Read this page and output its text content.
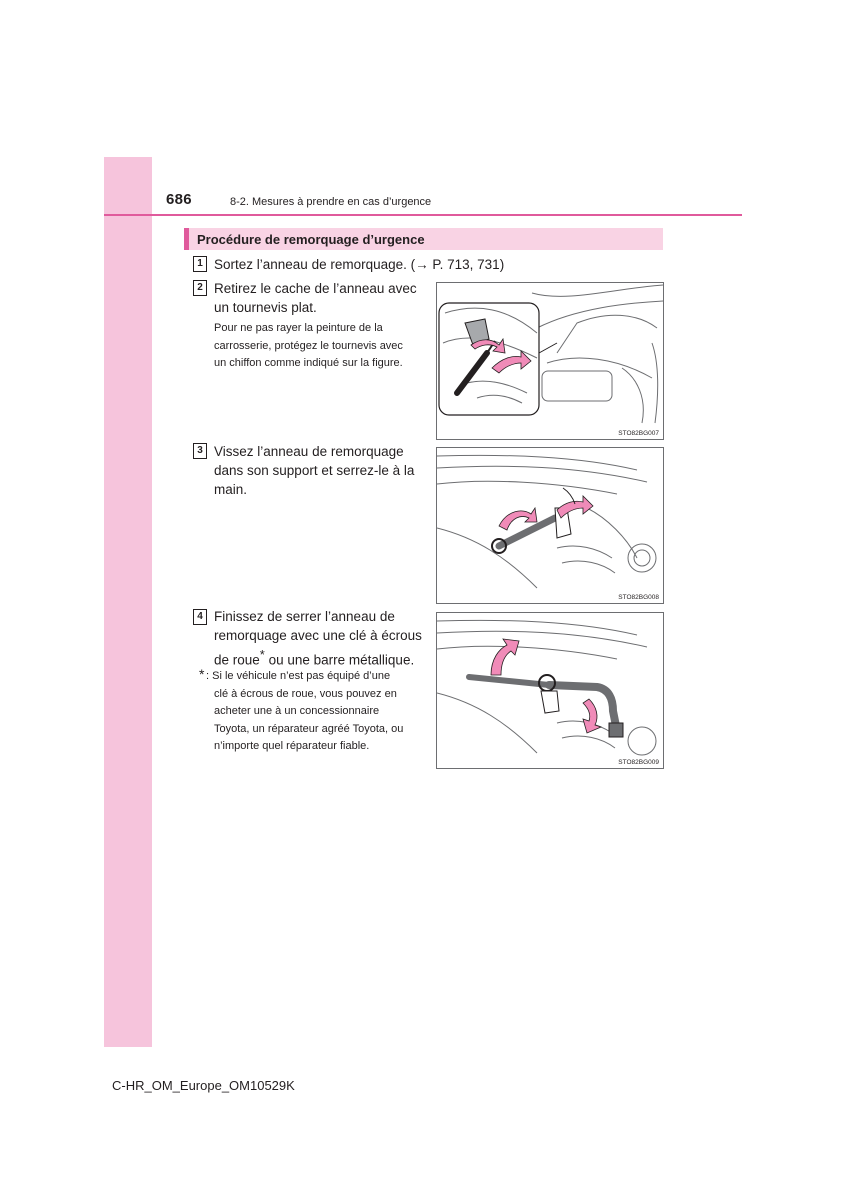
686	8-2. Mesures à prendre en cas d’urgence
Procédure de remorquage d’urgence
1 Sortez l’anneau de remorquage. (→ P. 713, 731)
2 Retirez le cache de l’anneau avec
un tournevis plat.
Pour ne pas rayer la peinture de la
carrosserie, protégez le tournevis avec
un chiffon comme indiqué sur la figure.
STO82BG007
3 Vissez l’anneau de remorquage
dans son support et serrez-le à la
main.
STO82BG008
4 Finissez de serrer l’anneau de
remorquage avec une clé à écrous
de roue* ou une barre métallique.
* : Si le véhicule n’est pas équipé d’une
clé à écrous de roue, vous pouvez en
acheter une à un concessionnaire
Toyota, un réparateur agréé Toyota, ou
n’importe quel réparateur fiable.
STO82BG009
C-HR_OM_Europe_OM10529K
